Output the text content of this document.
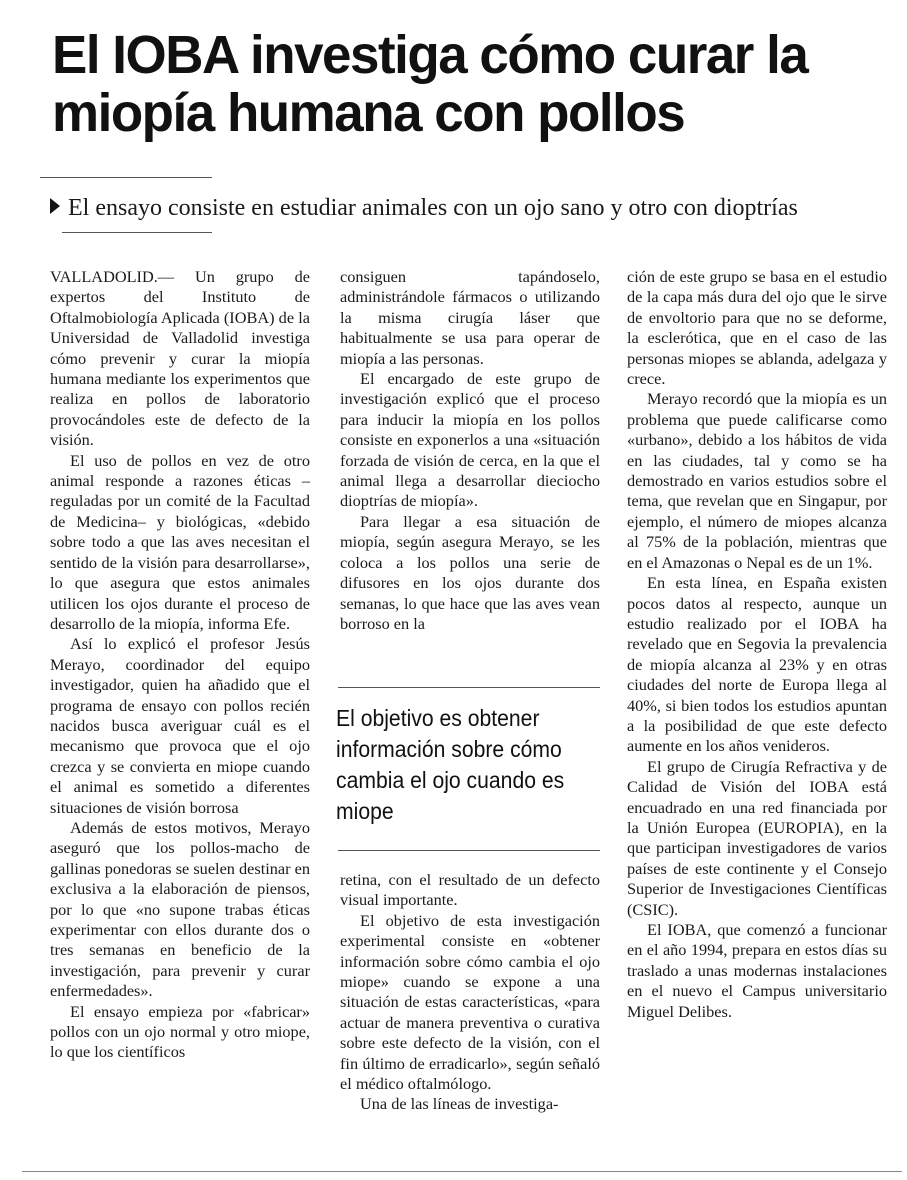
El IOBA investiga cómo curar la miopía humana con pollos
El ensayo consiste en estudiar animales con un ojo sano y otro con dioptrías

VALLADOLID.— Un grupo de expertos del Instituto de Oftalmobiología Aplicada (IOBA) de la Universidad de Valladolid investiga cómo prevenir y curar la miopía humana mediante los experimentos que realiza en pollos de laboratorio provocándoles este de defecto de la visión.

El uso de pollos en vez de otro animal responde a razones éticas –reguladas por un comité de la Facultad de Medicina– y biológicas, «debido sobre todo a que las aves necesitan el sentido de la visión para desarrollarse», lo que asegura que estos animales utilicen los ojos durante el proceso de desarrollo de la miopía, informa Efe.

Así lo explicó el profesor Jesús Merayo, coordinador del equipo investigador, quien ha añadido que el programa de ensayo con pollos recién nacidos busca averiguar cuál es el mecanismo que provoca que el ojo crezca y se convierta en miope cuando el animal es sometido a diferentes situaciones de visión borrosa

Además de estos motivos, Merayo aseguró que los pollos-macho de gallinas ponedoras se suelen destinar en exclusiva a la elaboración de piensos, por lo que «no supone trabas éticas experimentar con ellos durante dos o tres semanas en beneficio de la investigación, para prevenir y curar enfermedades».

El ensayo empieza por «fabricar» pollos con un ojo normal y otro miope, lo que los científicos

consiguen tapándoselo, administrándole fármacos o utilizando la misma cirugía láser que habitualmente se usa para operar de miopía a las personas.

El encargado de este grupo de investigación explicó que el proceso para inducir la miopía en los pollos consiste en exponerlos a una «situación forzada de visión de cerca, en la que el animal llega a desarrollar dieciocho dioptrías de miopía».

Para llegar a esa situación de miopía, según asegura Merayo, se les coloca a los pollos una serie de difusores en los ojos durante dos semanas, lo que hace que las aves vean borroso en la

El objetivo es obtener información sobre cómo cambia el ojo cuando es miope

retina, con el resultado de un defecto visual importante.

El objetivo de esta investigación experimental consiste en «obtener información sobre cómo cambia el ojo miope» cuando se expone a una situación de estas características, «para actuar de manera preventiva o curativa sobre este defecto de la visión, con el fin último de erradicarlo», según señaló el médico oftalmólogo.

Una de las líneas de investiga-

ción de este grupo se basa en el estudio de la capa más dura del ojo que le sirve de envoltorio para que no se deforme, la esclerótica, que en el caso de las personas miopes se ablanda, adelgaza y crece.

Merayo recordó que la miopía es un problema que puede calificarse como «urbano», debido a los hábitos de vida en las ciudades, tal y como se ha demostrado en varios estudios sobre el tema, que revelan que en Singapur, por ejemplo, el número de miopes alcanza al 75% de la población, mientras que en el Amazonas o Nepal es de un 1%.

En esta línea, en España existen pocos datos al respecto, aunque un estudio realizado por el IOBA ha revelado que en Segovia la prevalencia de miopía alcanza al 23% y en otras ciudades del norte de Europa llega al 40%, si bien todos los estudios apuntan a la posibilidad de que este defecto aumente en los años venideros.

El grupo de Cirugía Refractiva y de Calidad de Visión del IOBA está encuadrado en una red financiada por la Unión Europea (EUROPIA), en la que participan investigadores de varios países de este continente y el Consejo Superior de Investigaciones Científicas (CSIC).

El IOBA, que comenzó a funcionar en el año 1994, prepara en estos días su traslado a unas modernas instalaciones en el nuevo el Campus universitario Miguel Delibes.
